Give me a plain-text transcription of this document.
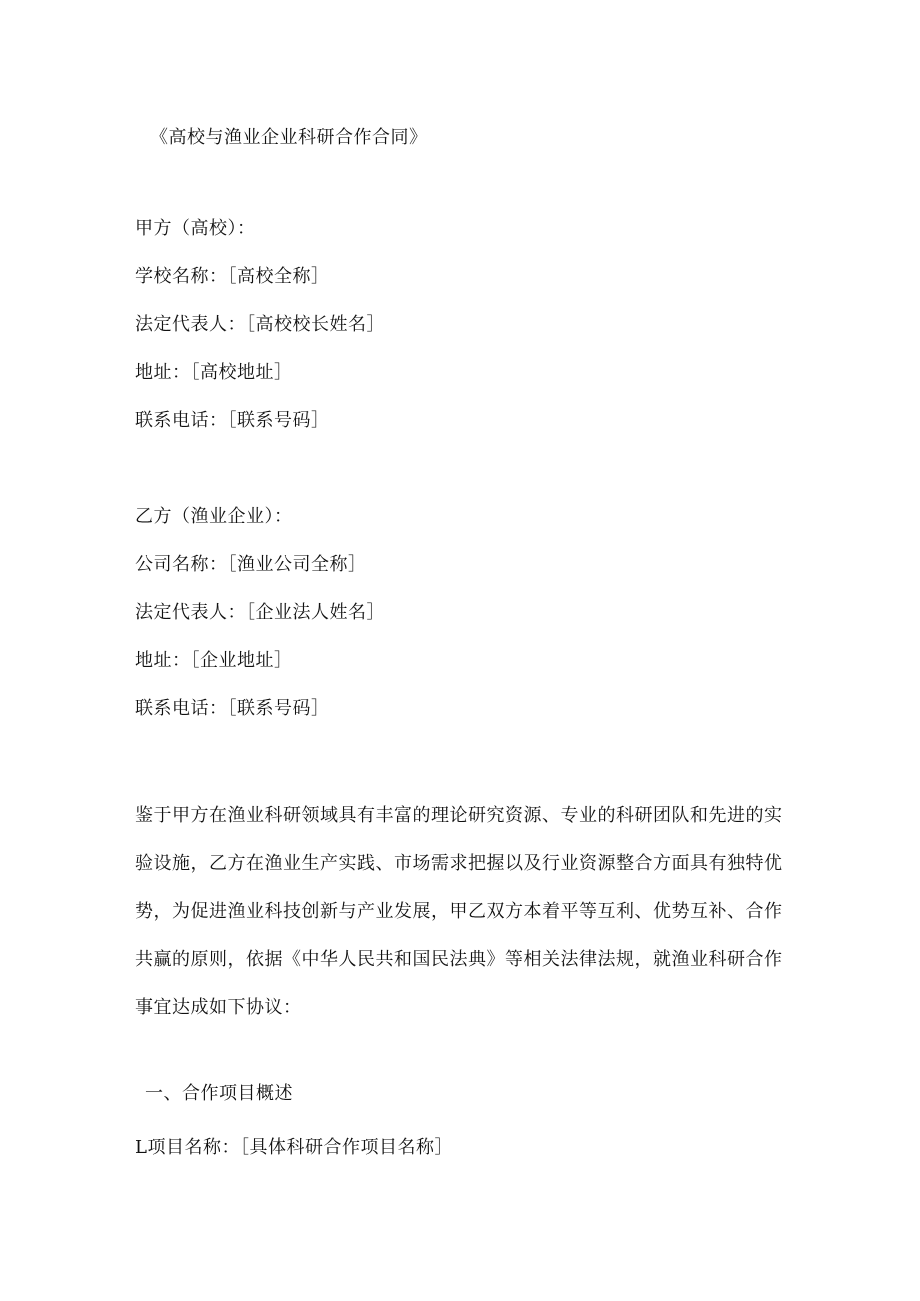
《高校与渔业企业科研合作合同》
甲方（高校）：
学校名称：［高校全称］
法定代表人：［高校校长姓名］
地址：［高校地址］
联系电话：［联系号码］
乙方（渔业企业）：
公司名称：［渔业公司全称］
法定代表人：［企业法人姓名］
地址：［企业地址］
联系电话：［联系号码］
鉴于甲方在渔业科研领域具有丰富的理论研究资源、专业的科研团队和先进的实
验设施，乙方在渔业生产实践、市场需求把握以及行业资源整合方面具有独特优
势，为促进渔业科技创新与产业发展，甲乙双方本着平等互利、优势互补、合作
共赢的原则，依据《中华人民共和国民法典》等相关法律法规，就渔业科研合作
事宜达成如下协议：
一、合作项目概述
L项目名称：［具体科研合作项目名称］
